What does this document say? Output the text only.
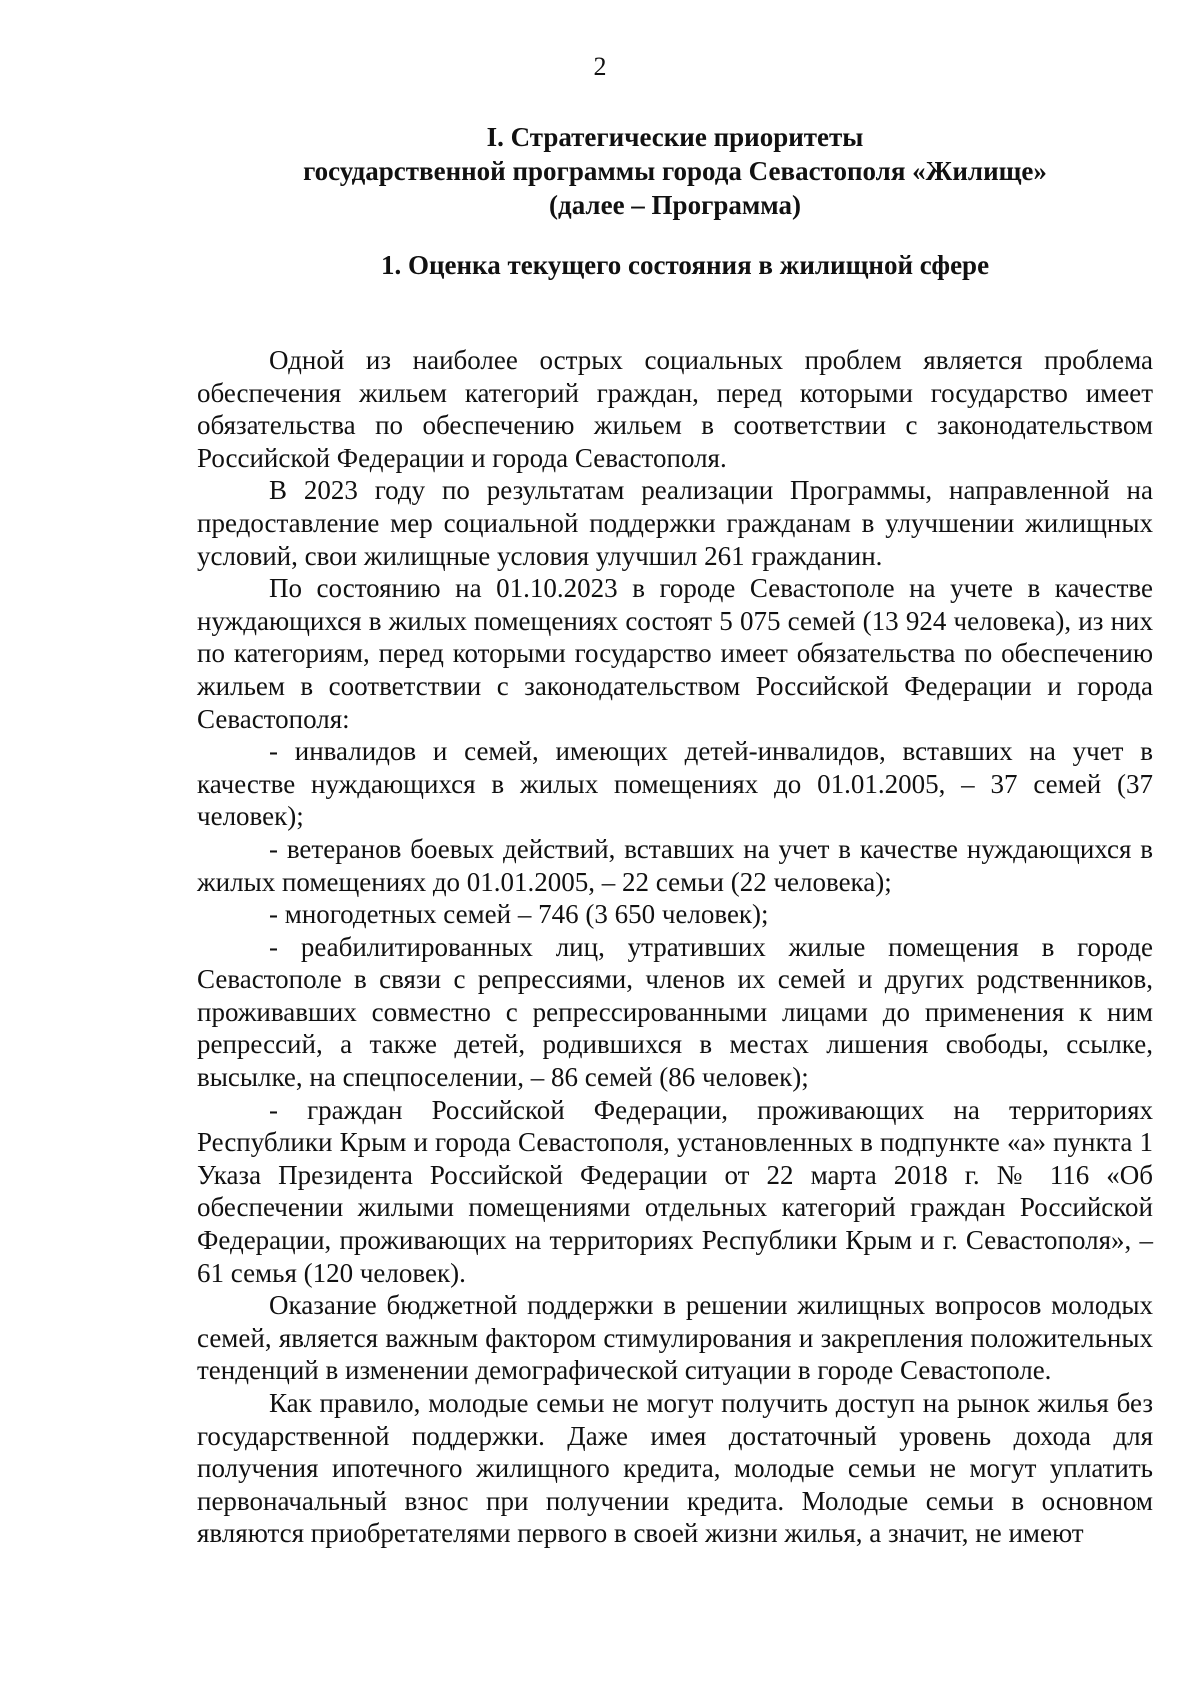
2
I. Стратегические приоритеты
государственной программы города Севастополя «Жилище»
(далее – Программа)
1. Оценка текущего состояния в жилищной сфере

Одной из наиболее острых социальных проблем является проблема обеспечения жильем категорий граждан, перед которыми государство имеет обязательства по обеспечению жильем в соответствии с законодательством Российской Федерации и города Севастополя.

В 2023 году по результатам реализации Программы, направленной на предоставление мер социальной поддержки гражданам в улучшении жилищных условий, свои жилищные условия улучшил 261 гражданин.

По состоянию на 01.10.2023 в городе Севастополе на учете в качестве нуждающихся в жилых помещениях состоят 5 075 семей (13 924 человека), из них по категориям, перед которыми государство имеет обязательства по обеспечению жильем в соответствии с законодательством Российской Федерации и города Севастополя:

- инвалидов и семей, имеющих детей-инвалидов, вставших на учет в качестве нуждающихся в жилых помещениях до 01.01.2005, – 37 семей (37 человек);

- ветеранов боевых действий, вставших на учет в качестве нуждающихся в жилых помещениях до 01.01.2005, – 22 семьи (22 человека);

- многодетных семей – 746 (3 650 человек);

- реабилитированных лиц, утративших жилые помещения в городе Севастополе в связи с репрессиями, членов их семей и других родственников, проживавших совместно с репрессированными лицами до применения к ним репрессий, а также детей, родившихся в местах лишения свободы, ссылке, высылке, на спецпоселении, – 86 семей (86 человек);

- граждан Российской Федерации, проживающих на территориях Республики Крым и города Севастополя, установленных в подпункте «а» пункта 1 Указа Президента Российской Федерации от 22 марта 2018 г. № 116 «Об обеспечении жилыми помещениями отдельных категорий граждан Российской Федерации, проживающих на территориях Республики Крым и г. Севастополя», – 61 семья (120 человек).

Оказание бюджетной поддержки в решении жилищных вопросов молодых семей, является важным фактором стимулирования и закрепления положительных тенденций в изменении демографической ситуации в городе Севастополе.

Как правило, молодые семьи не могут получить доступ на рынок жилья без государственной поддержки. Даже имея достаточный уровень дохода для получения ипотечного жилищного кредита, молодые семьи не могут уплатить первоначальный взнос при получении кредита. Молодые семьи в основном являются приобретателями первого в своей жизни жилья, а значит, не имеют
